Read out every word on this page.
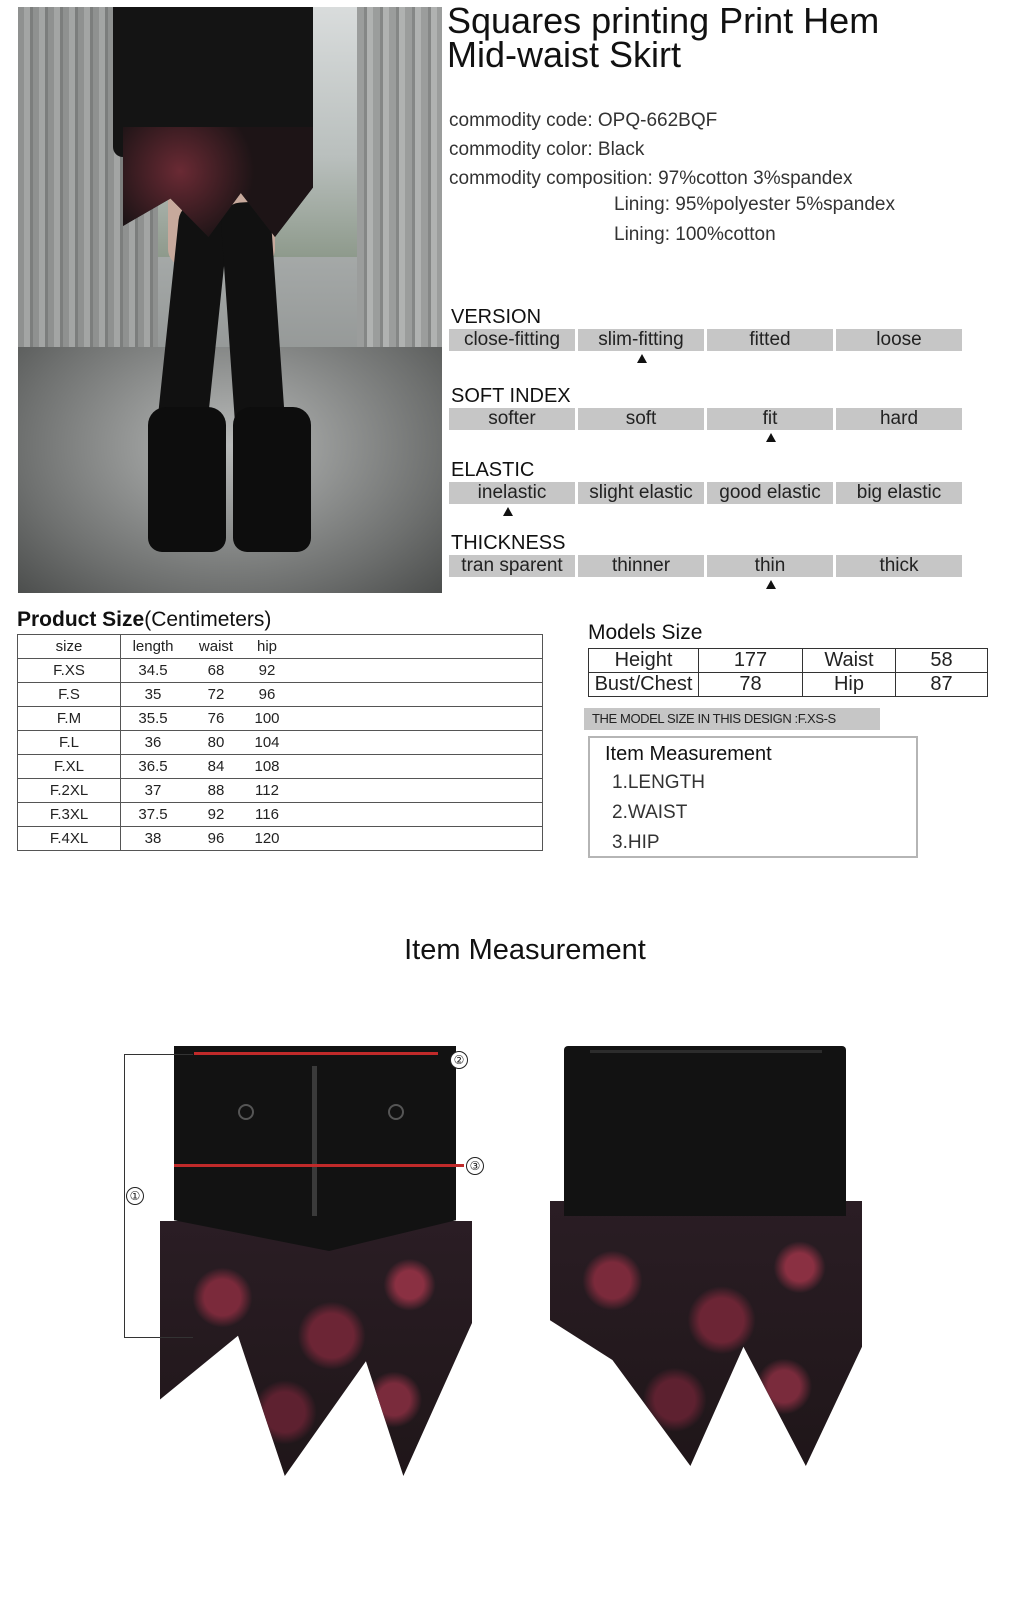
Squares printing Print Hem
Mid-waist Skirt
commodity code: OPQ-662BQF
commodity color: Black
commodity composition: 97%cotton 3%spandex
Lining: 95%polyester 5%spandex
Lining: 100%cotton
VERSION
close-fitting	slim-fitting	fitted	loose
SOFT INDEX
softer	soft	fit	hard
ELASTIC
inelastic	slight elastic	good elastic	big elastic
THICKNESS
tran sparent	thinner	thin	thick
Product Size(Centimeters)
size	length	waist	hip	
F.XS	34.5	68	92	
F.S	35	72	96	
F.M	35.5	76	100	
F.L	36	80	104	
F.XL	36.5	84	108	
F.2XL	37	88	112	
F.3XL	37.5	92	116	
F.4XL	38	96	120	
Models Size
Height	177	Waist	58
Bust/Chest	78	Hip	87
THE MODEL SIZE IN THIS DESIGN :F.XS-S
Item Measurement
1.LENGTH
2.WAIST
3.HIP
Item Measurement
①
②
③
